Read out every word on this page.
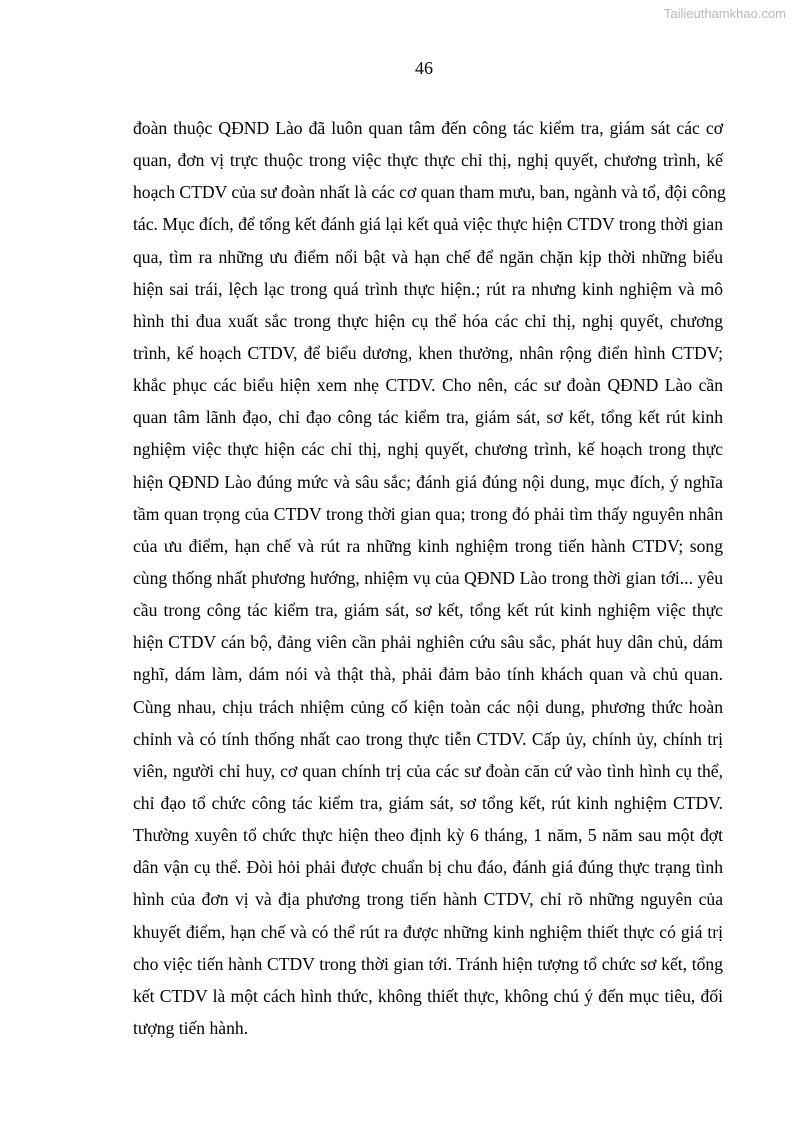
Tailieuthamkhao.com
46
đoàn thuộc QĐND Lào đã luôn quan tâm đến công tác kiểm tra, giám sát các cơ
quan, đơn vị trực thuộc trong việc thực thực chỉ thị, nghị quyết, chương trình, kế
hoạch CTDV của sư đoàn nhất là các cơ quan tham mưu, ban, ngành và tổ, đội công
tác. Mục đích, để tổng kết đánh giá lại kết quả việc thực hiện CTDV trong thời gian
qua, tìm ra những ưu điểm nổi bật và hạn chế để ngăn chặn kịp thời những biểu
hiện sai trái, lệch lạc trong quá trình thực hiện.; rút ra nhưng kinh nghiệm và mô
hình thi đua xuất sắc trong thực hiện cụ thể hóa các chỉ thị, nghị quyết, chương
trình, kế hoạch CTDV, để biểu dương, khen thưởng, nhân rộng điển hình CTDV;
khắc phục các biểu hiện xem nhẹ CTDV. Cho nên, các sư đoàn QĐND Lào cần
quan tâm lãnh đạo, chỉ đạo công tác kiểm tra, giám sát, sơ kết, tổng kết rút kinh
nghiệm việc thực hiện các chỉ thị, nghị quyết, chương trình, kế hoạch trong thực
hiện QĐND Lào đúng mức và sâu sắc; đánh giá đúng nội dung, mục đích, ý nghĩa
tầm quan trọng của CTDV trong thời gian qua; trong đó phải tìm thấy nguyên nhân
của ưu điểm, hạn chế và rút ra những kinh nghiệm trong tiến hành CTDV; song
cùng thống nhất phương hướng, nhiệm vụ của QĐND Lào trong thời gian tới... yêu
cầu trong công tác kiểm tra, giám sát, sơ kết, tổng kết rút kinh nghiệm việc thực
hiện CTDV cán bộ, đảng viên cần phải nghiên cứu sâu sắc, phát huy dân chủ, dám
nghĩ, dám làm, dám nói và thật thà, phải đảm bảo tính khách quan và chủ quan.
Cùng nhau, chịu trách nhiệm củng cố kiện toàn các nội dung, phương thức hoàn
chỉnh và có tính thống nhất cao trong thực tiễn CTDV. Cấp ủy, chính ủy, chính trị
viên, người chỉ huy, cơ quan chính trị của các sư đoàn căn cứ vào tình hình cụ thể,
chỉ đạo tổ chức công tác kiểm tra, giám sát, sơ tổng kết, rút kinh nghiệm CTDV.
Thường xuyên tổ chức thực hiện theo định kỳ 6 tháng, 1 năm, 5 năm sau một đợt
dân vận cụ thể. Đòi hỏi phải được chuẩn bị chu đáo, đánh giá đúng thực trạng tình
hình của đơn vị và địa phương trong tiến hành CTDV, chỉ rõ những nguyên của
khuyết điểm, hạn chế và có thể rút ra được những kinh nghiệm thiết thực có giá trị
cho việc tiến hành CTDV trong thời gian tới. Tránh hiện tượng tổ chức sơ kết, tổng
kết CTDV là một cách hình thức, không thiết thực, không chú ý đến mục tiêu, đối
tượng tiến hành.
